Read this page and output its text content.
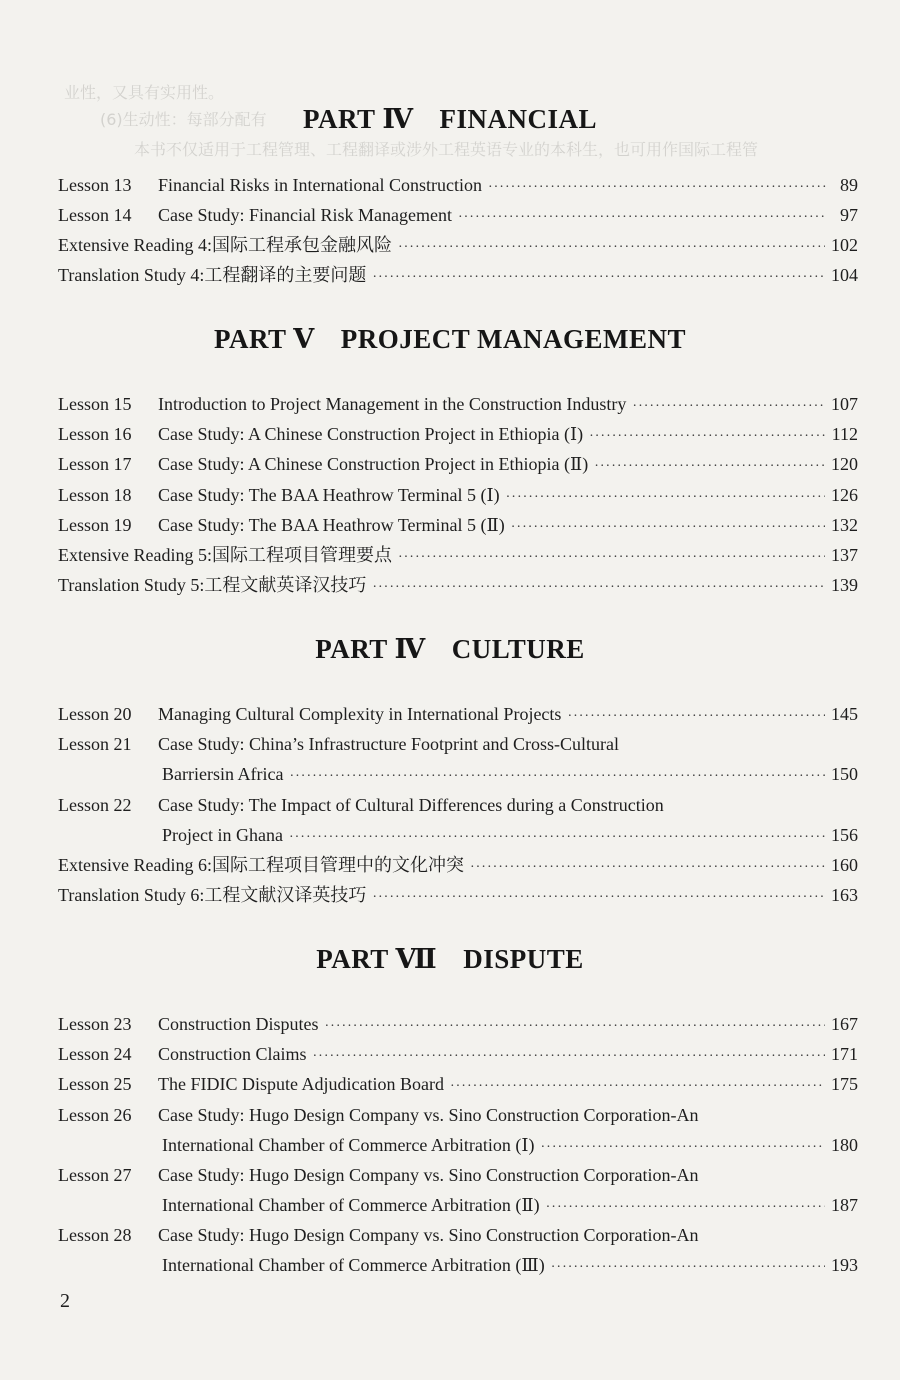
业性，又具有实用性。
(6)生动性：每部分配有
本书不仅适用于工程管理、工程翻译或涉外工程英语专业的本科生，也可用作国际工程管
PART Ⅳ FINANCIAL
Lesson 13	Financial Risks in International Construction ·····	89
Lesson 14	Case Study: Financial Risk Management ·····	97
Extensive Reading 4:国际工程承包金融风险 ·····	102
Translation Study 4:工程翻译的主要问题 ·····	104
PART Ⅴ PROJECT MANAGEMENT
Lesson 15	Introduction to Project Management in the Construction Industry ·····	107
Lesson 16	Case Study: A Chinese Construction Project in Ethiopia (Ⅰ) ·····	112
Lesson 17	Case Study: A Chinese Construction Project in Ethiopia (Ⅱ) ·····	120
Lesson 18	Case Study: The BAA Heathrow Terminal 5 (Ⅰ) ·····	126
Lesson 19	Case Study: The BAA Heathrow Terminal 5 (Ⅱ) ·····	132
Extensive Reading 5:国际工程项目管理要点 ·····	137
Translation Study 5:工程文献英译汉技巧 ·····	139
PART Ⅳ CULTURE
Lesson 20	Managing Cultural Complexity in International Projects ·····	145
Lesson 21	Case Study: China’s Infrastructure Footprint and Cross-Cultural
Barriersin Africa ·····	150
Lesson 22	Case Study: The Impact of Cultural Differences during a Construction
Project in Ghana ·····	156
Extensive Reading 6:国际工程项目管理中的文化冲突 ·····	160
Translation Study 6:工程文献汉译英技巧 ·····	163
PART Ⅶ DISPUTE
Lesson 23	Construction Disputes ·····	167
Lesson 24	Construction Claims ·····	171
Lesson 25	The FIDIC Dispute Adjudication Board ·····	175
Lesson 26	Case Study: Hugo Design Company vs. Sino Construction Corporation-An
International Chamber of Commerce Arbitration (Ⅰ) ·····	180
Lesson 27	Case Study: Hugo Design Company vs. Sino Construction Corporation-An
International Chamber of Commerce Arbitration (Ⅱ) ·····	187
Lesson 28	Case Study: Hugo Design Company vs. Sino Construction Corporation-An
International Chamber of Commerce Arbitration (Ⅲ) ·····	193
2
